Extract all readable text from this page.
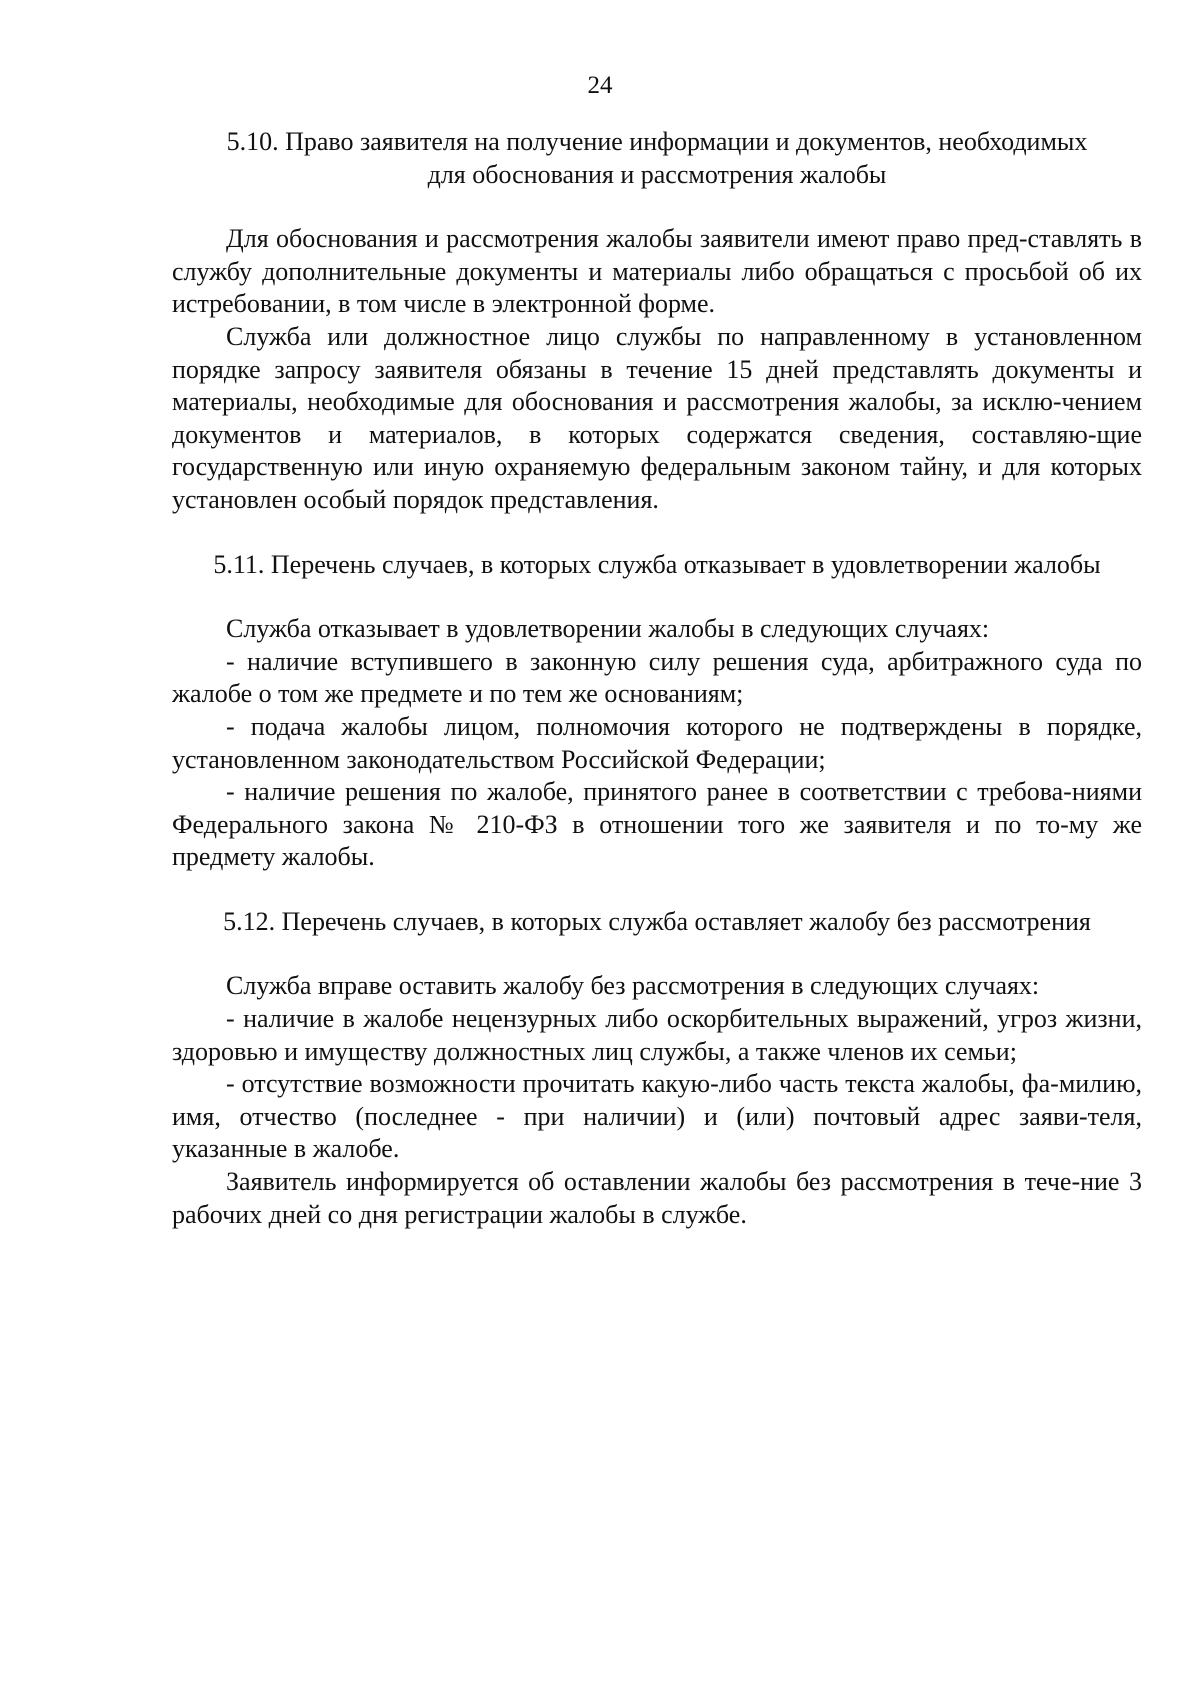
24
5.10. Право заявителя на получение информации и документов, необходимых
для обоснования и рассмотрения жалобы

Для обоснования и рассмотрения жалобы заявители имеют право пред-ставлять в службу дополнительные документы и материалы либо обращаться с просьбой об их истребовании, в том числе в электронной форме.

Служба или должностное лицо службы по направленному в установленном порядке запросу заявителя обязаны в течение 15 дней представлять документы и материалы, необходимые для обоснования и рассмотрения жалобы, за исклю-чением документов и материалов, в которых содержатся сведения, составляю-щие государственную или иную охраняемую федеральным законом тайну, и для которых установлен особый порядок представления.

5.11. Перечень случаев, в которых служба отказывает в удовлетворении жалобы

Служба отказывает в удовлетворении жалобы в следующих случаях:

- наличие вступившего в законную силу решения суда, арбитражного суда по жалобе о том же предмете и по тем же основаниям;

- подача жалобы лицом, полномочия которого не подтверждены в порядке, установленном законодательством Российской Федерации;

- наличие решения по жалобе, принятого ранее в соответствии с требова-ниями Федерального закона № 210-ФЗ в отношении того же заявителя и по то-му же предмету жалобы.

5.12. Перечень случаев, в которых служба оставляет жалобу без рассмотрения

Служба вправе оставить жалобу без рассмотрения в следующих случаях:

- наличие в жалобе нецензурных либо оскорбительных выражений, угроз жизни, здоровью и имуществу должностных лиц службы, а также членов их семьи;

- отсутствие возможности прочитать какую-либо часть текста жалобы, фа-милию, имя, отчество (последнее - при наличии) и (или) почтовый адрес заяви-теля, указанные в жалобе.

Заявитель информируется об оставлении жалобы без рассмотрения в тече-ние 3 рабочих дней со дня регистрации жалобы в службе.
